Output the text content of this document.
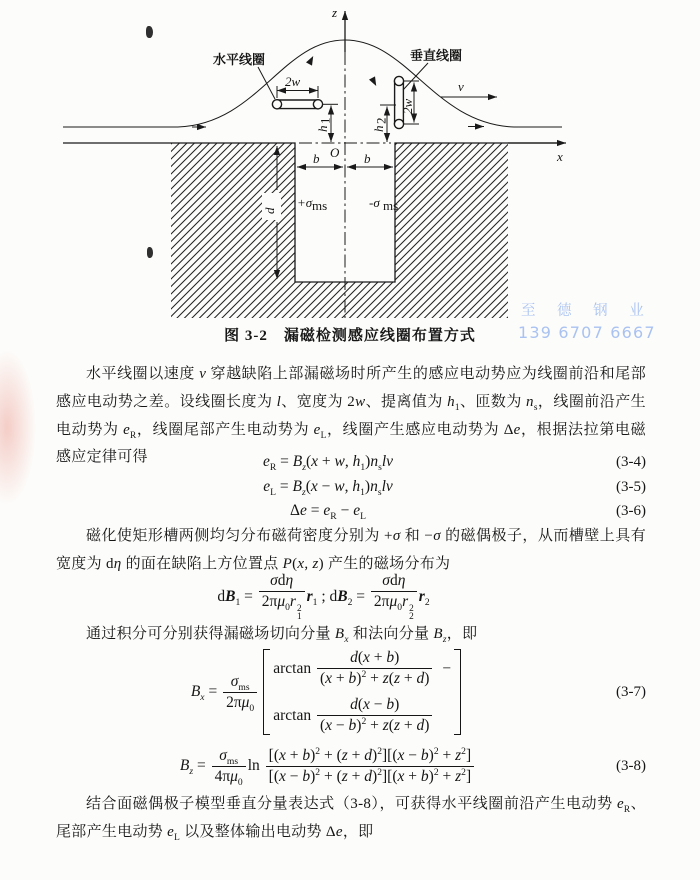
x
z
O
2w
水平线圈
h
1
2w
垂直线圈
h
2
v
b	b
d
+σ ms	-σ ms
图 3-2　漏磁检测感应线圈布置方式
至 德 钢 业
139 6707 6667

水平线圈以速度 v 穿越缺陷上部漏磁场时所产生的感应电动势应为线圈前沿和尾部感应电动势之差。设线圈长度为 l、宽度为 2w、提离值为 $h_1$、匝数为 $n_s$，线圈前沿产生电动势为 $e_R$，线圈尾部产生电动势为 $e_L$，线圈产生感应电动势为 Δe，根据法拉第电磁感应定律可得	$e_R = B_z(x + w$, $h_1)n_slv$	(3-4)
$e_L = B_z(x - w$, $h_1)n_slv$	(3-5)
$\Delta e = e_R - e_L$	(3-6)

磁化使矩形槽两侧均匀分布磁荷密度分别为 +σ 和 −σ 的磁偶极子，从而槽壁上具有宽度为 dη 的面在缺陷上方位置点 P(x, z) 产生的磁场分布为

$dB_1 = \sigma d\eta$
$2\pi\mu_0r$ 2
1 $r_1$ ; $dB_2 = \sigma d\eta$
$2\pi\mu_0r$ 2
2 $r_2$

通过积分可分别获得漏磁场切向分量 $B_x$ 和法向分量 $B_z$，即

$B_x = \frac{\sigma_{ms}}{2\pi\mu_0}$
$\arctan \frac{d(x + b)}{(x + b)^2 + z(z + d)}$ −
$\arctan \frac{d(x - b)}{(x - b)^2 + z(z + d)}$
(3-7)
$B_z = \frac{\sigma_{ms}}{4\pi\mu_0}$ $\ln \frac{[(x + b)^2 + (z + d)^2][(x - b)^2 + z^2]}{[(x - b)^2 + (z + d)^2][(x + b)^2 + z^2]}$	(3-8)

结合面磁偶极子模型垂直分量表达式（3-8），可获得水平线圈前沿产生电动势 $e_R$、尾部产生电动势 $e_L$ 以及整体输出电动势 Δe，即
